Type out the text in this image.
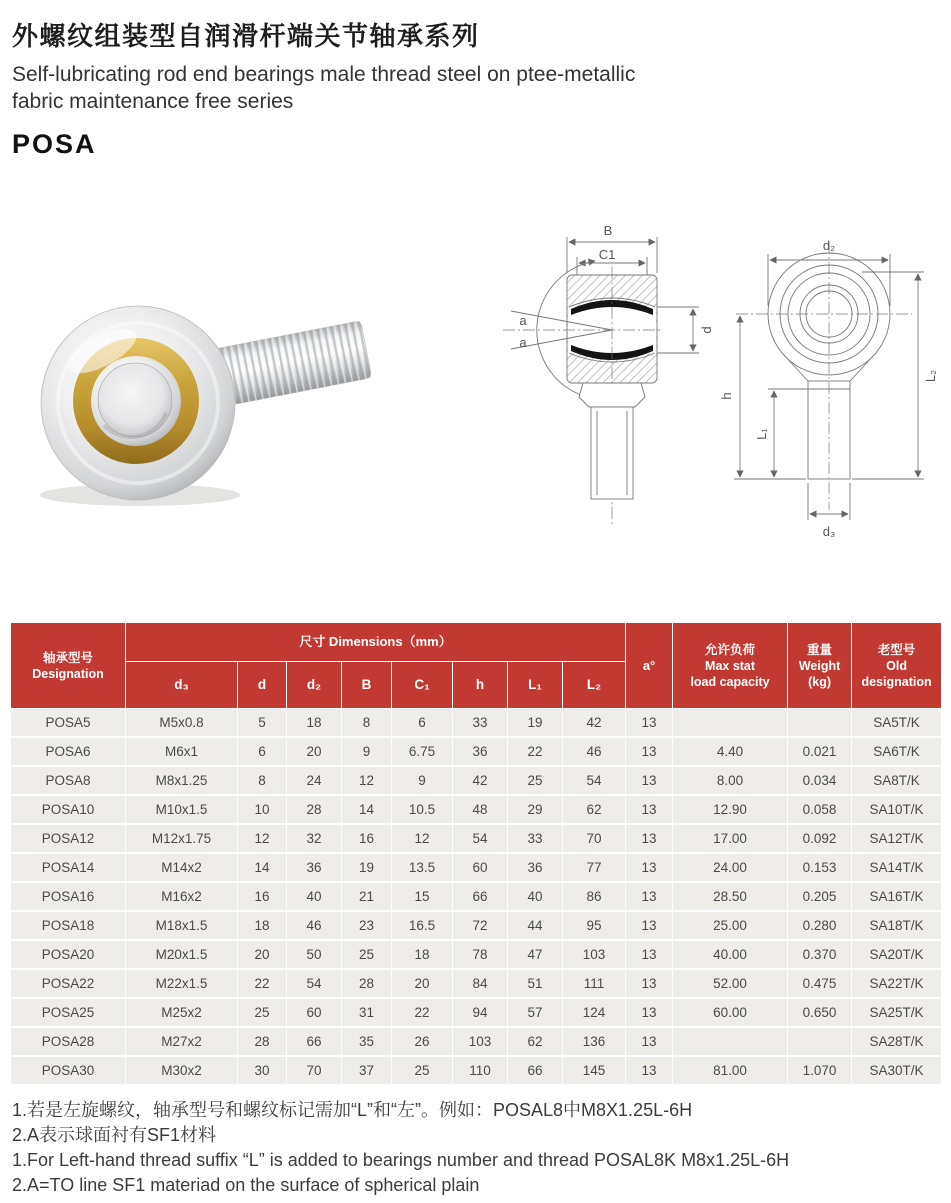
外螺纹组装型自润滑杆端关节轴承系列

Self-lubricating rod end bearings male thread steel on ptee-metallic
fabric maintenance free series

POSA
B
C1
a
a
d
d₂
L₂
h
L₁
d₃
轴承型号
Designation	尺寸 Dimensions（mm）								a°	允许负荷
Max stat
load capacity	重量
Weight
(kg)	老型号
Old
designation

	d₃	d	d₂	B	C₁	h	L₁	L₂				
POSA5	M5x0.8	5	18	8	6	33	19	42	13			SA5T/K
POSA6	M6x1	6	20	9	6.75	36	22	46	13	4.40	0.021	SA6T/K
POSA8	M8x1.25	8	24	12	9	42	25	54	13	8.00	0.034	SA8T/K
POSA10	M10x1.5	10	28	14	10.5	48	29	62	13	12.90	0.058	SA10T/K
POSA12	M12x1.75	12	32	16	12	54	33	70	13	17.00	0.092	SA12T/K
POSA14	M14x2	14	36	19	13.5	60	36	77	13	24.00	0.153	SA14T/K
POSA16	M16x2	16	40	21	15	66	40	86	13	28.50	0.205	SA16T/K
POSA18	M18x1.5	18	46	23	16.5	72	44	95	13	25.00	0.280	SA18T/K
POSA20	M20x1.5	20	50	25	18	78	47	103	13	40.00	0.370	SA20T/K
POSA22	M22x1.5	22	54	28	20	84	51	111	13	52.00	0.475	SA22T/K
POSA25	M25x2	25	60	31	22	94	57	124	13	60.00	0.650	SA25T/K
POSA28	M27x2	28	66	35	26	103	62	136	13			SA28T/K
POSA30	M30x2	30	70	37	25	110	66	145	13	81.00	1.070	SA30T/K
1.若是左旋螺纹，轴承型号和螺纹标记需加“L”和“左”。例如：POSAL8中M8X1.25L-6H
2.A表示球面衬有SF1材料
1.For Left-hand thread suffix “L” is added to bearings number and thread POSAL8K M8x1.25L-6H
2.A=TO line SF1 materiad on the surface of spherical plain
